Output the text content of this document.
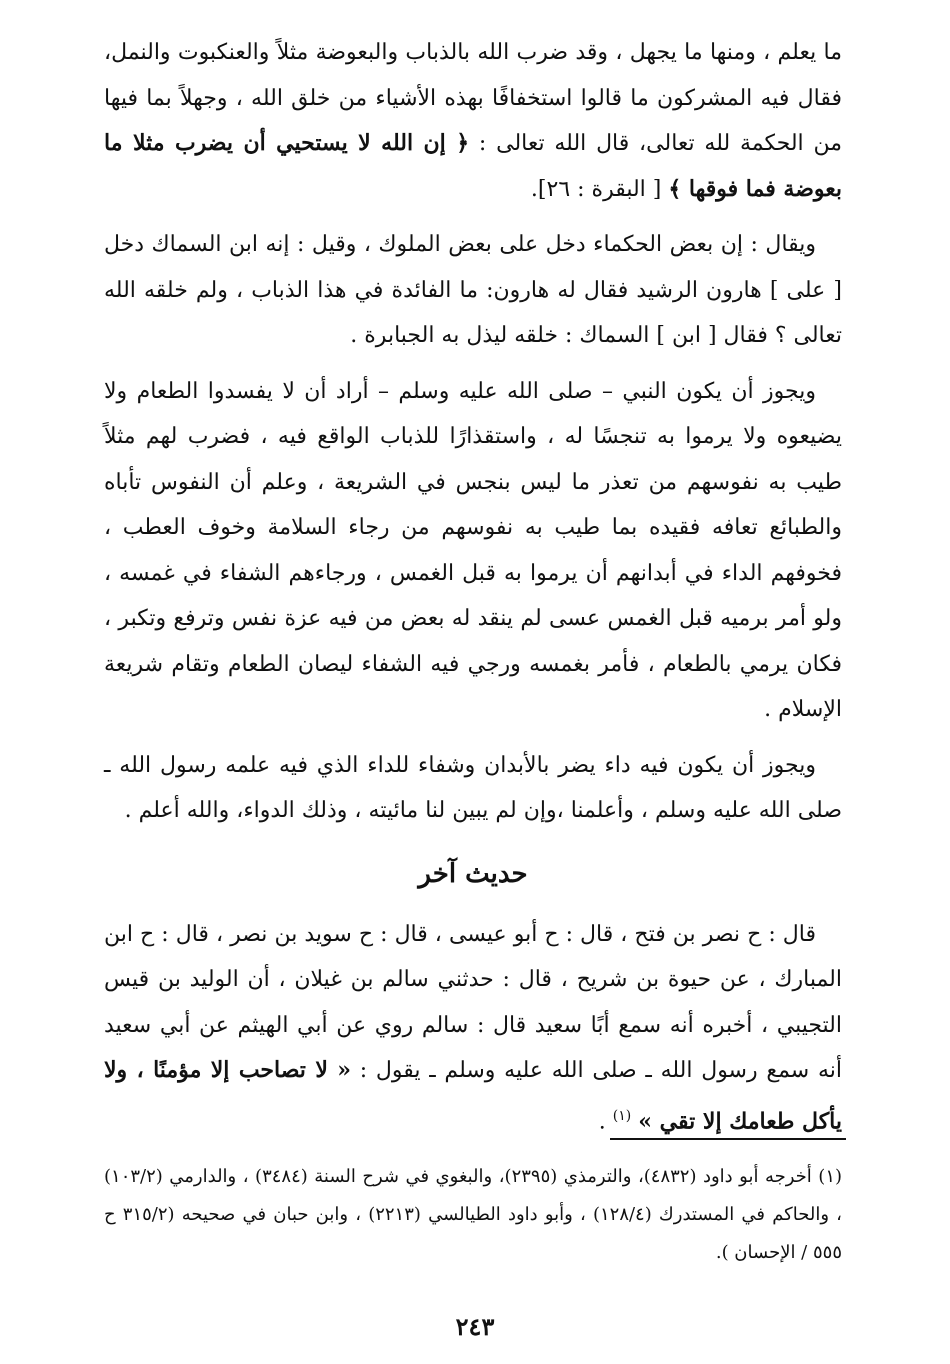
ما يعلم ، ومنها ما يجهل ، وقد ضرب الله بالذباب والبعوضة مثلاً والعنكبوت والنمل، فقال فيه المشركون ما قالوا استخفافًا بهذه الأشياء من خلق الله ، وجهلاً بما فيها من الحكمة لله تعالى، قال الله تعالى : ﴿ إن الله لا يستحيي أن يضرب مثلا ما بعوضة فما فوقها ﴾ [ البقرة : ٢٦].

ويقال : إن بعض الحكماء دخل على بعض الملوك ، وقيل : إنه ابن السماك دخل [ على ] هارون الرشيد فقال له هارون: ما الفائدة في هذا الذباب ، ولم خلقه الله تعالى ؟ فقال [ ابن ] السماك : خلقه ليذل به الجبابرة .

ويجوز أن يكون النبي – صلى الله عليه وسلم – أراد أن لا يفسدوا الطعام ولا يضيعوه ولا يرموا به تنجسًا له ، واستقذارًا للذباب الواقع فيه ، فضرب لهم مثلاً طيب به نفوسهم من تعذر ما ليس بنجس في الشريعة ، وعلم أن النفوس تأباه والطبائع تعافه فقيده بما طيب به نفوسهم من رجاء السلامة وخوف العطب ، فخوفهم الداء في أبدانهم أن يرموا به قبل الغمس ، ورجاءهم الشفاء في غمسه ، ولو أمر برميه قبل الغمس عسى لم ينقد له بعض من فيه عزة نفس وترفع وتكبر ، فكان يرمي بالطعام ، فأمر بغمسه ورجي فيه الشفاء ليصان الطعام وتقام شريعة الإسلام .

ويجوز أن يكون فيه داء يضر بالأبدان وشفاء للداء الذي فيه علمه رسول الله ـ صلى الله عليه وسلم ، وأعلمنا ،وإن لم يبين لنا مائيته ، وذلك الدواء، والله أعلم .

حديث آخر

قال : ح نصر بن فتح ، قال : ح أبو عيسى ، قال : ح سويد بن نصر ، قال : ح ابن المبارك ، عن حيوة بن شريح ، قال : حدثني سالم بن غيلان ، أن الوليد بن قيس التجيبي ، أخبره أنه سمع أبًا سعيد قال : سالم روي عن أبي الهيثم عن أبي سعيد أنه سمع رسول الله ـ صلى الله عليه وسلم ـ يقول : « لا تصاحب إلا مؤمنًا ، ولا يأكل طعامك إلا تقي » $^{(١)}$ .

(١) أخرجه أبو داود (٤٨٣٢)، والترمذي (٢٣٩٥)، والبغوي في شرح السنة (٣٤٨٤) ، والدارمي (١٠٣/٢) ، والحاكم في المستدرك (١٢٨/٤) ، وأبو داود الطيالسي (٢٢١٣) ، وابن حبان في صحيحه (٣١٥/٢ ح ٥٥٥ / الإحسان ).
٢٤٣
